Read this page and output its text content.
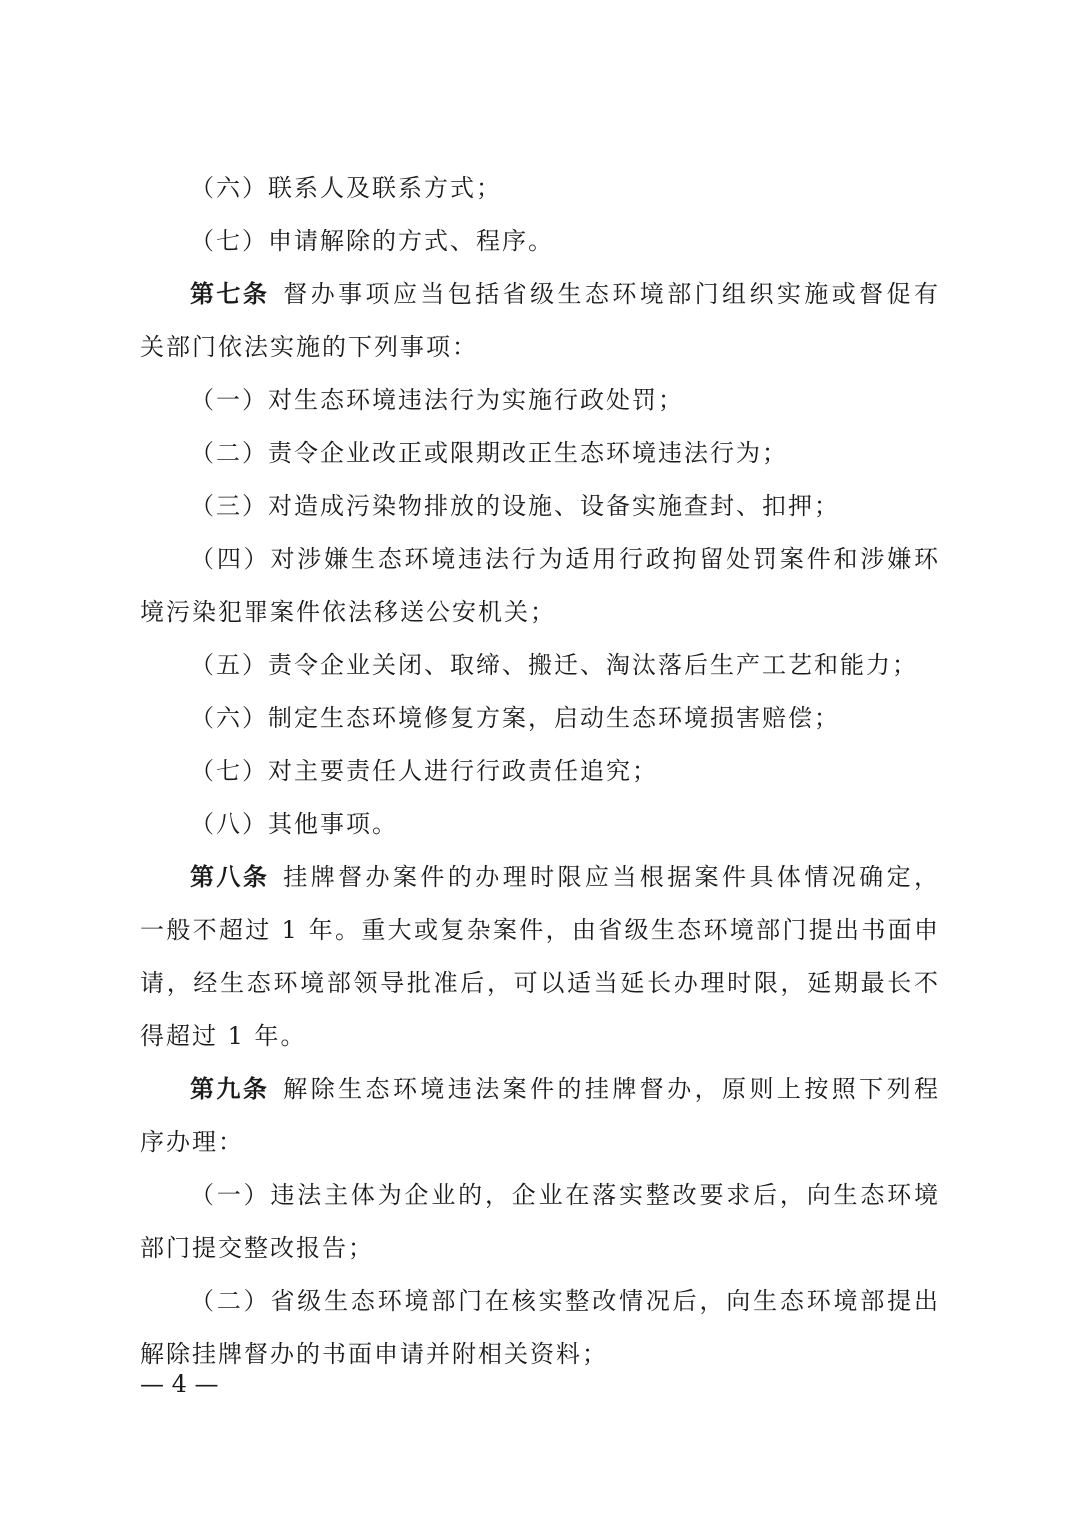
（六）联系人及联系方式；
（七）申请解除的方式、程序。
第七条 督办事项应当包括省级生态环境部门组织实施或督促有
关部门依法实施的下列事项：
（一）对生态环境违法行为实施行政处罚；
（二）责令企业改正或限期改正生态环境违法行为；
（三）对造成污染物排放的设施、设备实施查封、扣押；
（四）对涉嫌生态环境违法行为适用行政拘留处罚案件和涉嫌环
境污染犯罪案件依法移送公安机关；
（五）责令企业关闭、取缔、搬迁、淘汰落后生产工艺和能力；
（六）制定生态环境修复方案，启动生态环境损害赔偿；
（七）对主要责任人进行行政责任追究；
（八）其他事项。
第八条 挂牌督办案件的办理时限应当根据案件具体情况确定，
一般不超过 1 年。重大或复杂案件，由省级生态环境部门提出书面申
请，经生态环境部领导批准后，可以适当延长办理时限，延期最长不
得超过 1 年。
第九条 解除生态环境违法案件的挂牌督办，原则上按照下列程
序办理：
（一）违法主体为企业的，企业在落实整改要求后，向生态环境
部门提交整改报告；
（二）省级生态环境部门在核实整改情况后，向生态环境部提出
解除挂牌督办的书面申请并附相关资料；
— 4 —
